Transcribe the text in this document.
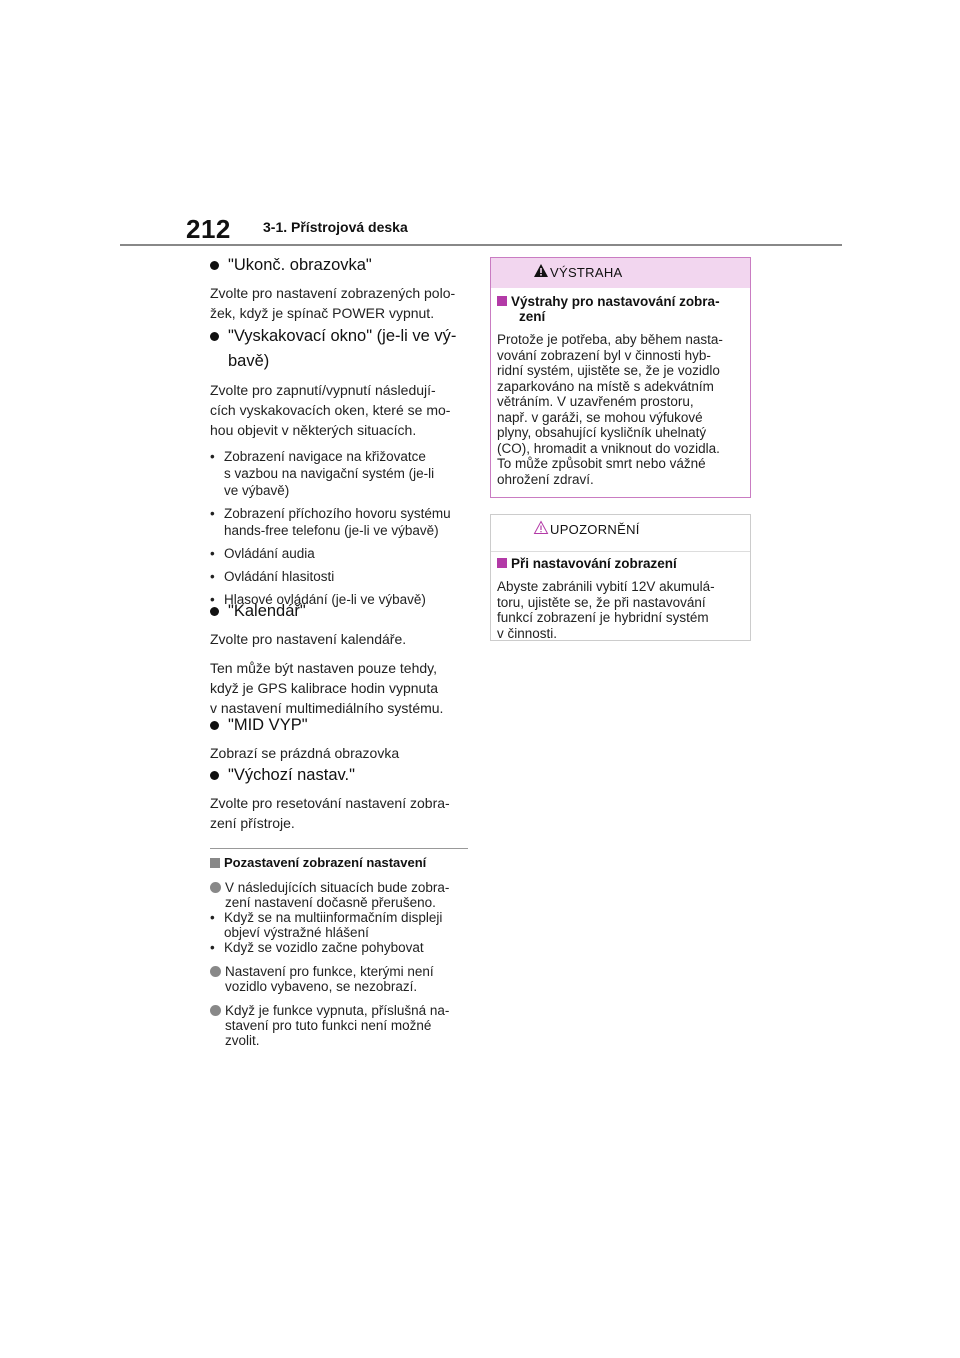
212 3-1. Přístrojová deska
"Ukonč. obrazovka"

Zvolte pro nastavení zobrazených polo-

žek, když je spínač POWER vypnut.

"Vyskakovací okno" (je-li ve vý-
bavě)

Zvolte pro zapnutí/vypnutí následují-

cích vyskakovacích oken, které se mo-

hou objevit v některých situacích.

• Zobrazení navigace na křižovatce
s vazbou na navigační systém (je-li
ve výbavě)
• Zobrazení příchozího hovoru systému
hands-free telefonu (je-li ve výbavě)
• Ovládání audia
• Ovládání hlasitosti
• Hlasové ovládání (je-li ve výbavě)
"Kalendář"

Zvolte pro nastavení kalendáře.

Ten může být nastaven pouze tehdy,

když je GPS kalibrace hodin vypnuta

v nastavení multimediálního systému.

"MID VYP"

Zobrazí se prázdná obrazovka

"Výchozí nastav."

Zvolte pro resetování nastavení zobra-

zení přístroje.

Pozastavení zobrazení nastavení
V následujících situacích bude zobra-
zení nastavení dočasně přerušeno.
• Když se na multiinformačním displeji
objeví výstražné hlášení
• Když se vozidlo začne pohybovat
Nastavení pro funkce, kterými není
vozidlo vybaveno, se nezobrazí.
Když je funkce vypnuta, příslušná na-
stavení pro tuto funkci není možné
zvolit.
VÝSTRAHA
Výstrahy pro nastavování zobra-
zení
Protože je potřeba, aby během nasta-
vování zobrazení byl v činnosti hyb-
ridní systém, ujistěte se, že je vozidlo
zaparkováno na místě s adekvátním
větráním. V uzavřeném prostoru,
např. v garáži, se mohou výfukové
plyny, obsahující kysličník uhelnatý
(CO), hromadit a vniknout do vozidla.
To může způsobit smrt nebo vážné
ohrožení zdraví.
UPOZORNĚNÍ
Při nastavování zobrazení
Abyste zabránili vybití 12V akumulá-
toru, ujistěte se, že při nastavování
funkcí zobrazení je hybridní systém
v činnosti.
